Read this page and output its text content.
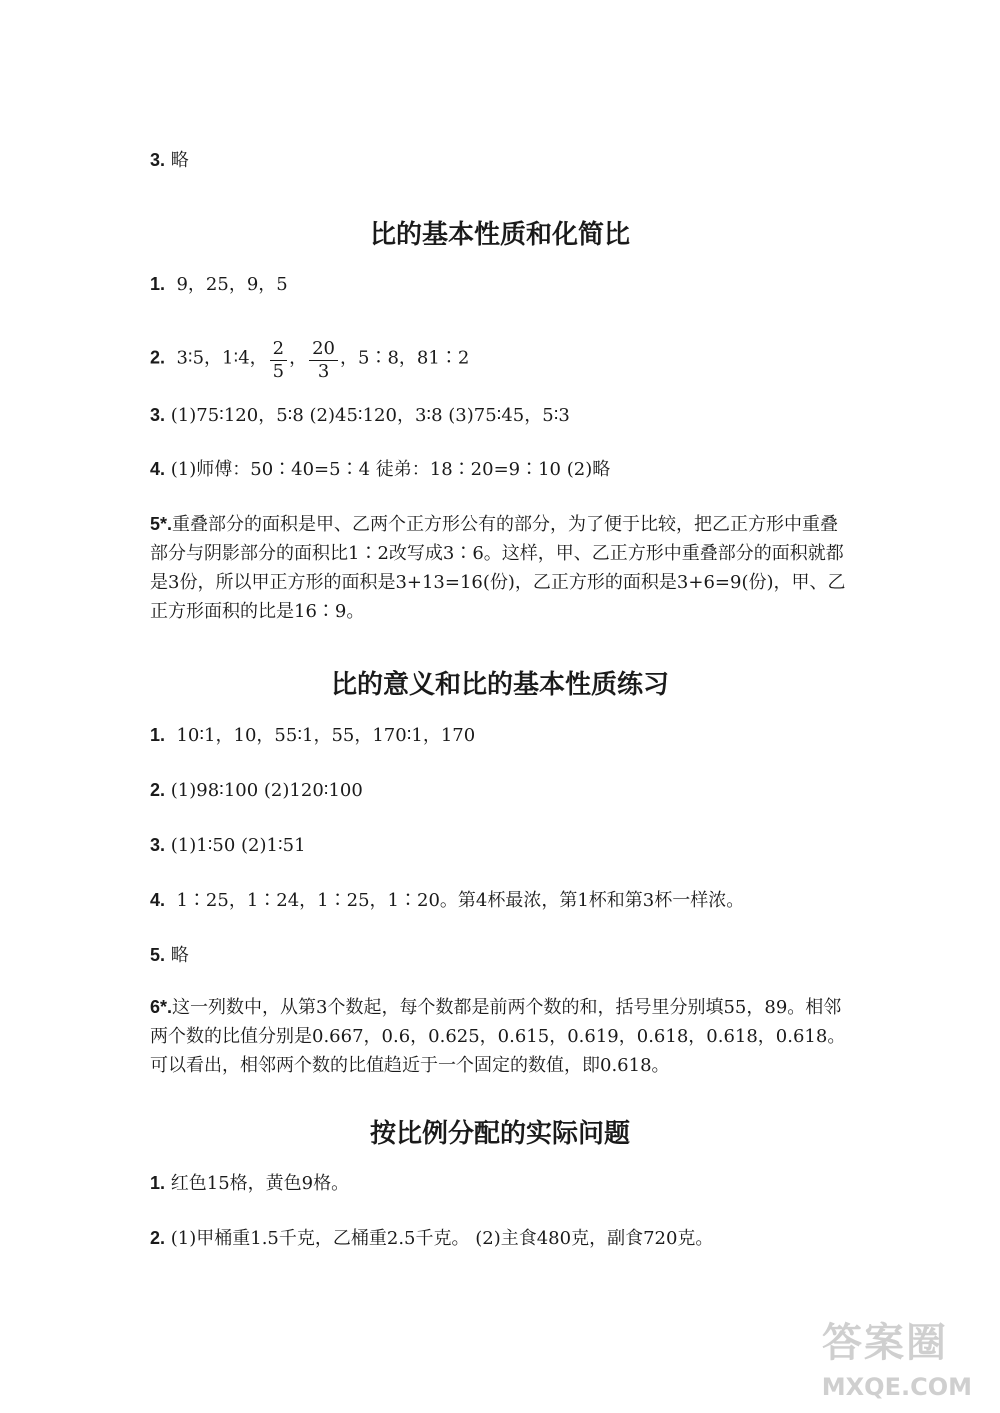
3. 略
比的基本性质和化简比
1. 9，25，9，5
2. 3∶5，1∶4， $\frac{2}{5}$ ， $\frac{20}{3}$ ，5∶8，81∶2
3. (1)75∶120，5∶8 (2)45∶120，3∶8 (3)75∶45，5∶3
4. (1)师傅：50∶40=5∶4 徒弟：18∶20=9∶10 (2)略
5*.重叠部分的面积是甲、乙两个正方形公有的部分，为了便于比较，把乙正方形中重叠部分与阴影部分的面积比1∶2改写成3∶6。这样，甲、乙正方形中重叠部分的面积就都是3份，所以甲正方形的面积是3+13=16(份)，乙正方形的面积是3+6=9(份)，甲、乙正方形面积的比是16∶9。
比的意义和比的基本性质练习
1. 10∶1，10，55∶1，55，170∶1，170
2. (1)98∶100 (2)120∶100
3. (1)1∶50 (2)1∶51
4. 1∶25，1∶24，1∶25，1∶20。第4杯最浓，第1杯和第3杯一样浓。
5. 略
6*.这一列数中，从第3个数起，每个数都是前两个数的和，括号里分别填55，89。相邻两个数的比值分别是0.667，0.6，0.625，0.615，0.619，0.618，0.618，0.618。可以看出，相邻两个数的比值趋近于一个固定的数值，即0.618。
按比例分配的实际问题
1. 红色15格，黄色9格。
2. (1)甲桶重1.5千克，乙桶重2.5千克。 (2)主食480克，副食720克。
答案圈
MXQE.COM
